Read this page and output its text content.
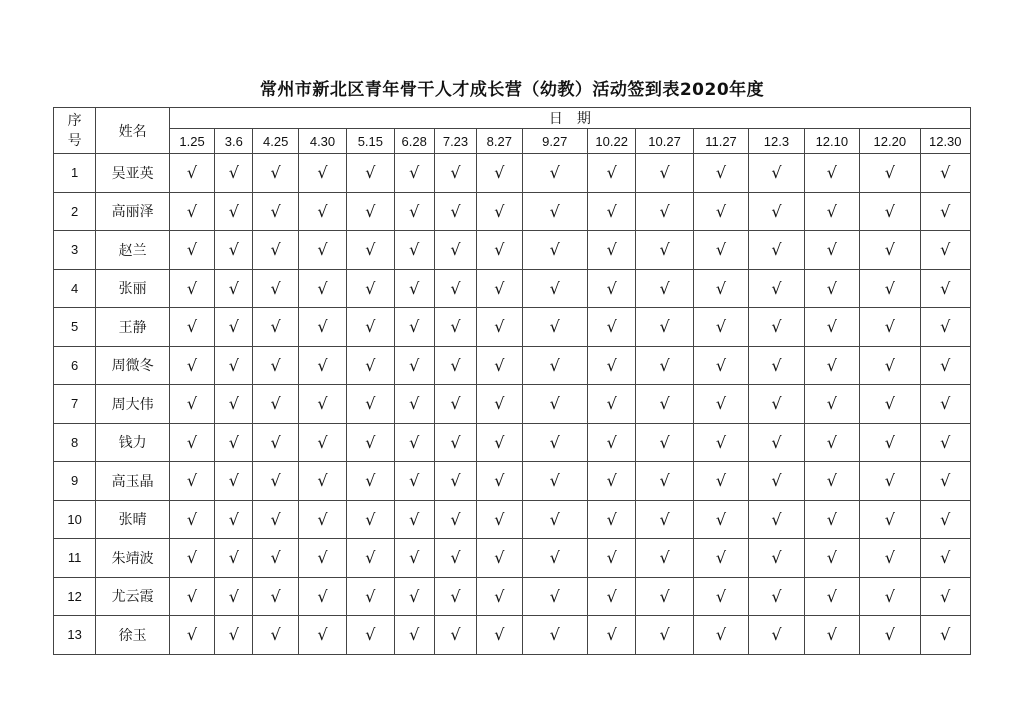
常州市新北区青年骨干人才成长营（幼教）活动签到表2020年度
序
号	姓名	日　期															
		1.25	3.6	4.25	4.30	5.15	6.28	7.23	8.27	9.27	10.22	10.27	11.27	12.3	12.10	12.20	12.30
1	吴亚英	√	√	√	√	√	√	√	√	√	√	√	√	√	√	√	√
2	高丽泽	√	√	√	√	√	√	√	√	√	√	√	√	√	√	√	√
3	赵兰	√	√	√	√	√	√	√	√	√	√	√	√	√	√	√	√
4	张丽	√	√	√	√	√	√	√	√	√	√	√	√	√	√	√	√
5	王静	√	√	√	√	√	√	√	√	√	√	√	√	√	√	√	√
6	周微冬	√	√	√	√	√	√	√	√	√	√	√	√	√	√	√	√
7	周大伟	√	√	√	√	√	√	√	√	√	√	√	√	√	√	√	√
8	钱力	√	√	√	√	√	√	√	√	√	√	√	√	√	√	√	√
9	高玉晶	√	√	√	√	√	√	√	√	√	√	√	√	√	√	√	√
10	张晴	√	√	√	√	√	√	√	√	√	√	√	√	√	√	√	√
11	朱靖波	√	√	√	√	√	√	√	√	√	√	√	√	√	√	√	√
12	尤云霞	√	√	√	√	√	√	√	√	√	√	√	√	√	√	√	√
13	徐玉	√	√	√	√	√	√	√	√	√	√	√	√	√	√	√	√
